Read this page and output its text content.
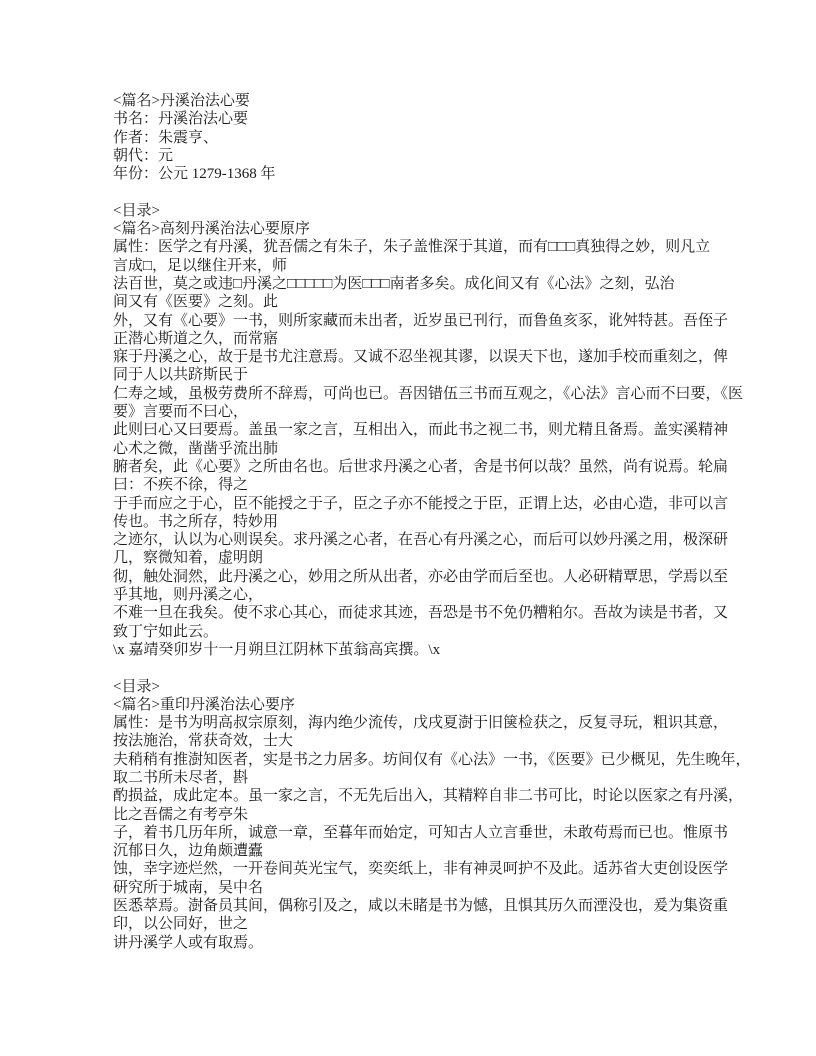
<篇名>丹溪治法心要
书名：丹溪治法心要
作者：朱震亨、
朝代：元
年份：公元 1279-1368 年

<目录>
<篇名>高刻丹溪治法心要原序
属性：医学之有丹溪，犹吾儒之有朱子，朱子盖惟深于其道，而有□□□真独得之妙，则凡立
言成□，足以继住开来，师
法百世，莫之或违□丹溪之□□□□□为医□□□南者多矣。成化间又有《心法》之刻，弘治
间又有《医要》之刻。此
外，又有《心要》一书，则所家藏而未出者，近岁虽已刊行，而鲁鱼亥豕，讹舛特甚。吾侄子
正潜心斯道之久，而常寤
寐于丹溪之心，故于是书尤注意焉。又诚不忍坐视其谬，以误天下也，遂加手校而重刻之，俾
同于人以共跻斯民于
仁寿之域，虽极劳费所不辞焉，可尚也已。吾因错伍三书而互观之，《心法》言心而不曰要，《医
要》言要而不曰心，
此则曰心又曰要焉。盖虽一家之言，互相出入，而此书之视二书，则尤精且备焉。盖实溪精神
心术之微，凿凿乎流出肺
腑者矣，此《心要》之所由名也。后世求丹溪之心者，舍是书何以哉？虽然，尚有说焉。轮扁
曰：不疾不徐，得之
于手而应之于心，臣不能授之于子，臣之子亦不能授之于臣，正谓上达，必由心造，非可以言
传也。书之所存，特妙用
之迹尔，认以为心则误矣。求丹溪之心者，在吾心有丹溪之心，而后可以妙丹溪之用，极深研
几，察微知着，虚明朗
彻，触处洞然，此丹溪之心，妙用之所从出者，亦必由学而后至也。人必研精覃思，学焉以至
乎其地，则丹溪之心，
不难一旦在我矣。使不求心其心，而徒求其迹，吾恐是书不免仍糟粕尔。吾故为读是书者，又
致丁宁如此云。
\x 嘉靖癸卯岁十一月朔旦江阴林下茧翁高宾撰。\x

<目录>
<篇名>重印丹溪治法心要序
属性：是书为明高叔宗原刻，海内绝少流传，戊戌夏澍于旧箧检获之，反复寻玩，粗识其意，
按法施治，常获奇效，士大
夫稍稍有推澍知医者，实是书之力居多。坊间仅有《心法》一书，《医要》已少概见，先生晚年，
取二书所未尽者，斟
酌损益，成此定本。虽一家之言，不无先后出入，其精粹自非二书可比，时论以医家之有丹溪，
比之吾儒之有考亭朱
子，着书几历年所，诚意一章，至暮年而始定，可知古人立言垂世，未敢苟焉而已也。惟原书
沉郁日久，边角颇遭蠹
蚀，幸字迹烂然，一开卷间英光宝气，奕奕纸上，非有神灵呵护不及此。适苏省大吏创设医学
研究所于城南，吴中名
医悉萃焉。澍备员其间，偶称引及之，咸以未睹是书为憾，且惧其历久而湮没也，爰为集资重
印，以公同好，世之
讲丹溪学人或有取焉。
